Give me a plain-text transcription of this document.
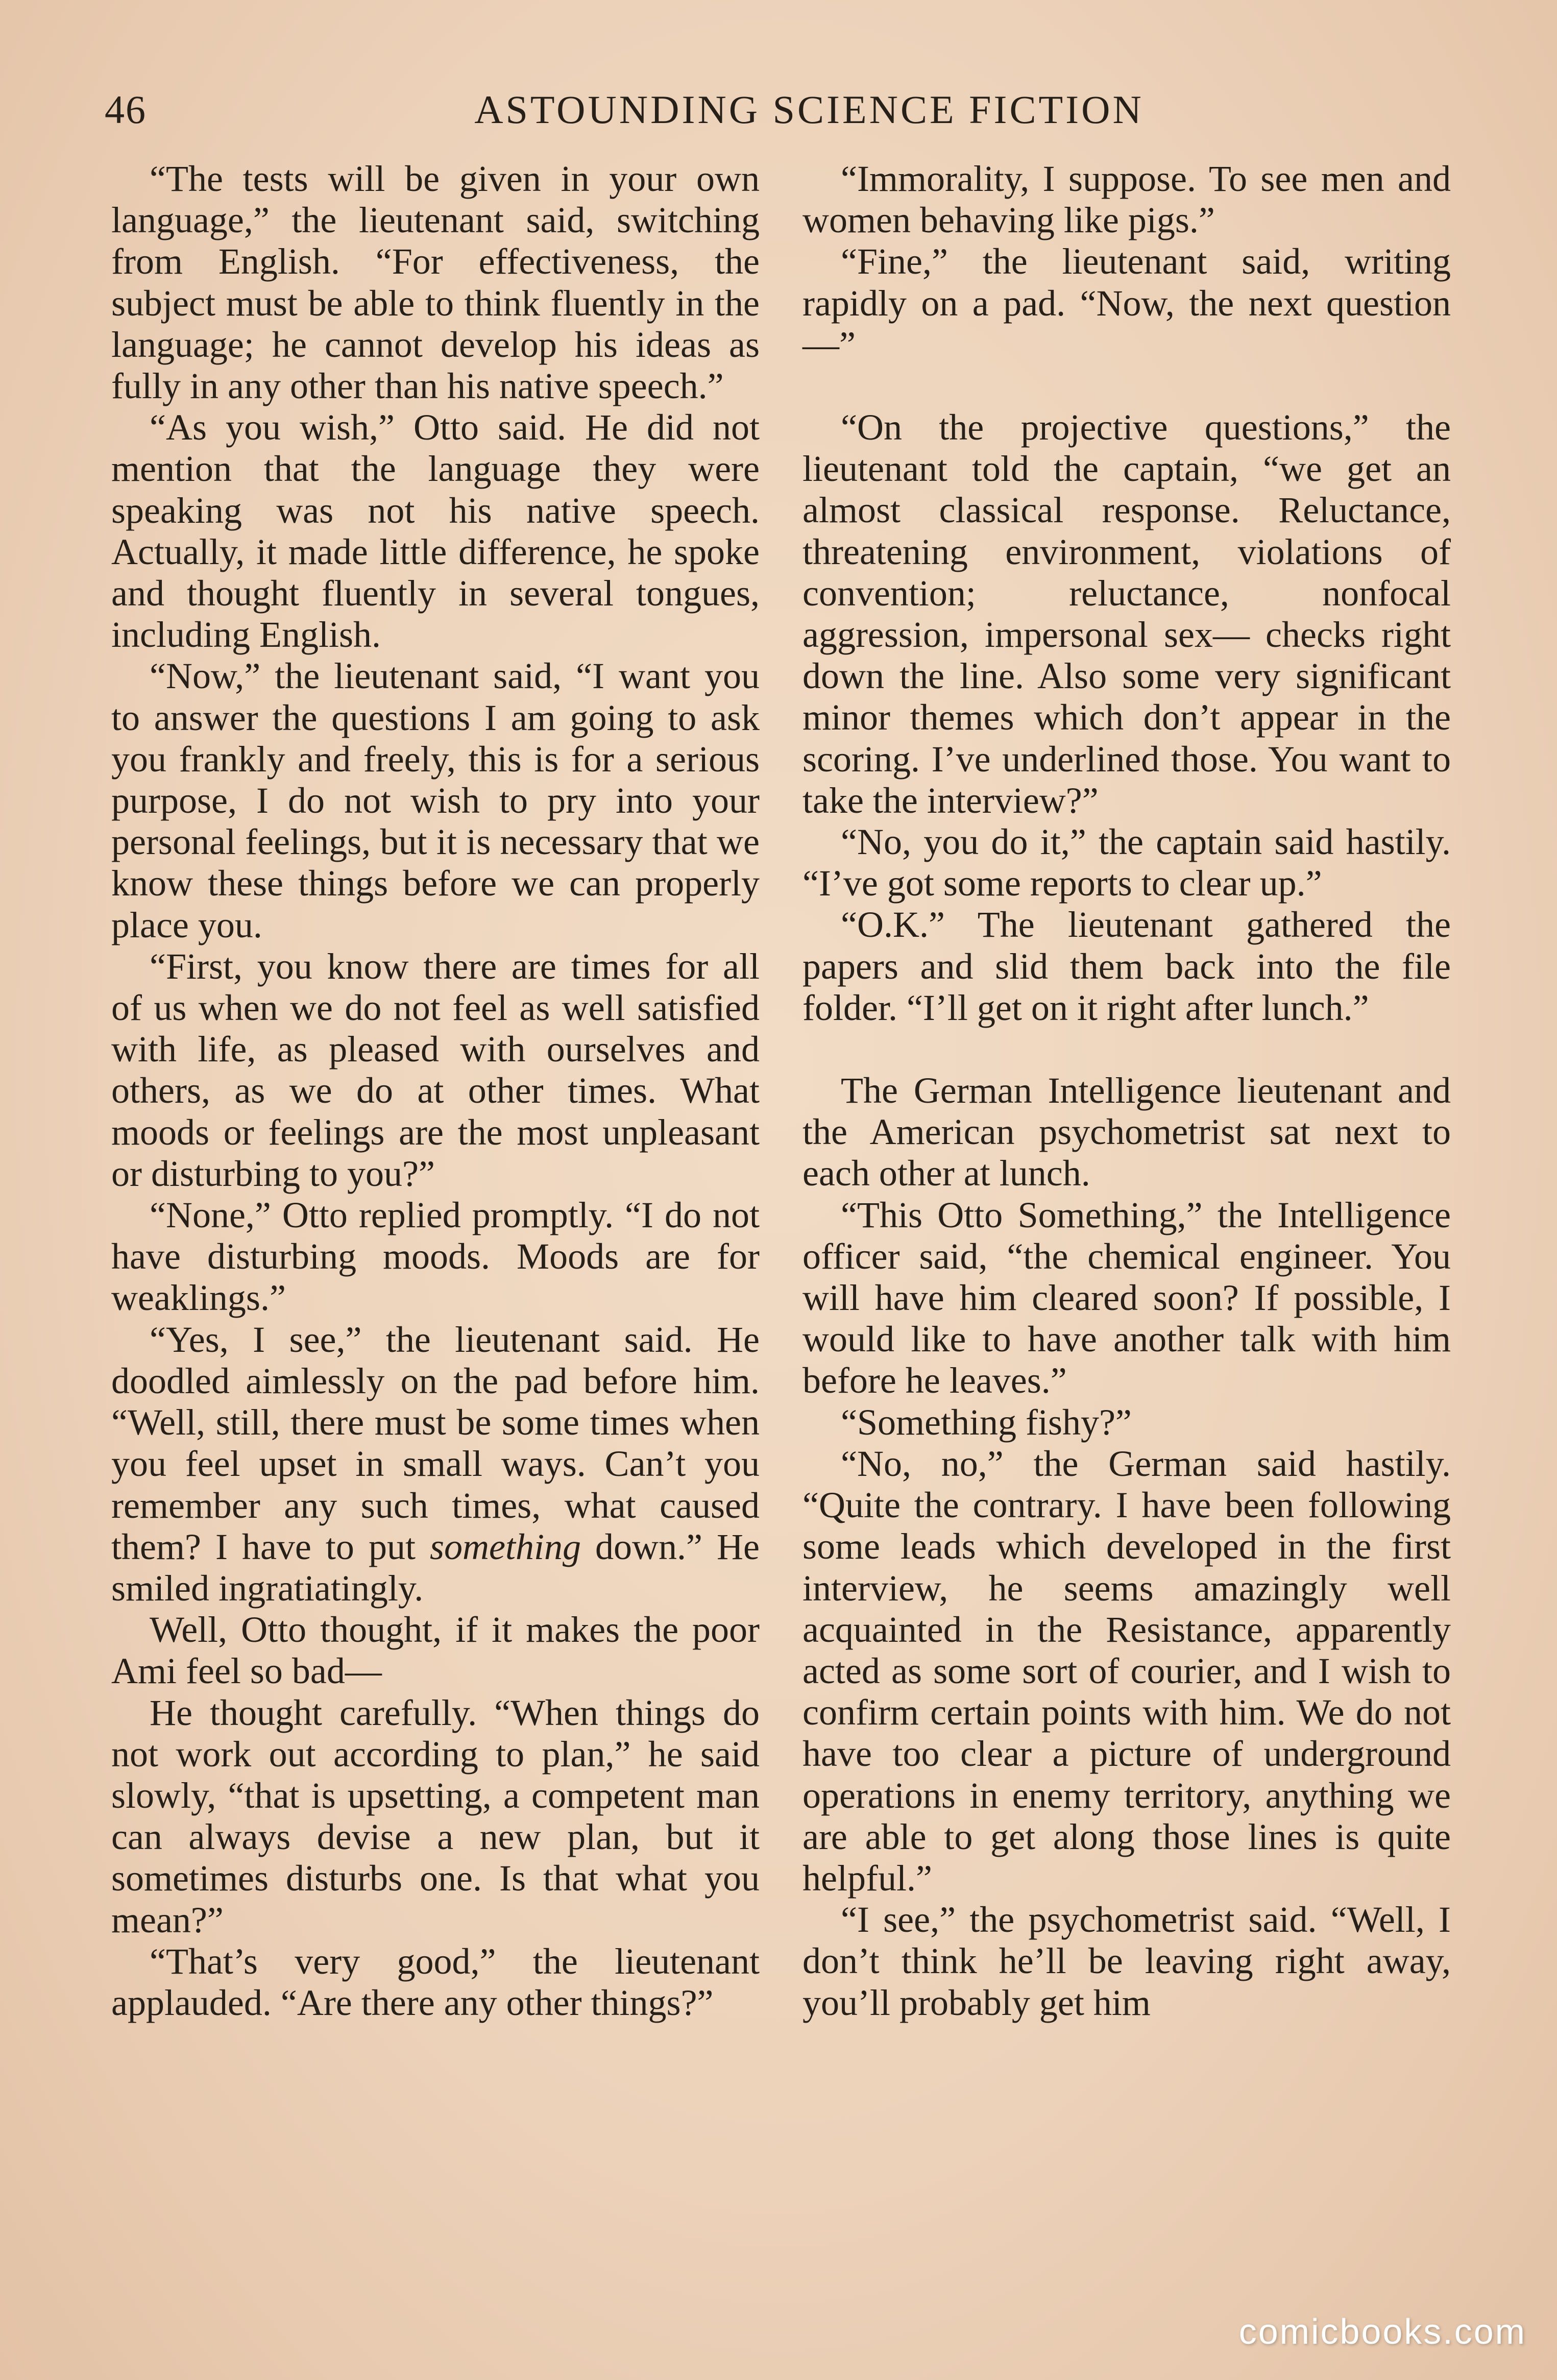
46	ASTOUNDING SCIENCE FICTION

“The tests will be given in your own language,” the lieutenant said, switching from English. “For effectiveness, the subject must be able to think fluently in the language; he cannot develop his ideas as fully in any other than his native speech.”

“As you wish,” Otto said. He did not mention that the language they were speaking was not his native speech. Actually, it made little difference, he spoke and thought fluently in several tongues, including English.

“Now,” the lieutenant said, “I want you to answer the questions I am going to ask you frankly and freely, this is for a serious purpose, I do not wish to pry into your personal feelings, but it is necessary that we know these things before we can properly place you.

“First, you know there are times for all of us when we do not feel as well satisfied with life, as pleased with ourselves and others, as we do at other times. What moods or feelings are the most unpleasant or disturbing to you?”

“None,” Otto replied promptly. “I do not have disturbing moods. Moods are for weaklings.”

“Yes, I see,” the lieutenant said. He doodled aimlessly on the pad before him. “Well, still, there must be some times when you feel upset in small ways. Can’t you remember any such times, what caused them? I have to put something down.” He smiled ingratiatingly.

Well, Otto thought, if it makes the poor Ami feel so bad—

He thought carefully. “When things do not work out according to plan,” he said slowly, “that is upsetting, a competent man can always devise a new plan, but it sometimes disturbs one. Is that what you mean?”

“That’s very good,” the lieutenant applauded. “Are there any other things?”

“Immorality, I suppose. To see men and women behaving like pigs.”

“Fine,” the lieutenant said, writing rapidly on a pad. “Now, the next question—”

“On the projective questions,” the lieutenant told the captain, “we get an almost classical response. Reluctance, threatening environment, violations of convention; reluctance, nonfocal aggression, impersonal sex— checks right down the line. Also some very significant minor themes which don’t appear in the scoring. I’ve underlined those. You want to take the interview?”

“No, you do it,” the captain said hastily. “I’ve got some reports to clear up.”

“O.K.” The lieutenant gathered the papers and slid them back into the file folder. “I’ll get on it right after lunch.”

The German Intelligence lieutenant and the American psychometrist sat next to each other at lunch.

“This Otto Something,” the Intelligence officer said, “the chemical engineer. You will have him cleared soon? If possible, I would like to have another talk with him before he leaves.”

“Something fishy?”

“No, no,” the German said hastily. “Quite the contrary. I have been following some leads which developed in the first interview, he seems amazingly well acquainted in the Resistance, apparently acted as some sort of courier, and I wish to confirm certain points with him. We do not have too clear a picture of underground operations in enemy territory, anything we are able to get along those lines is quite helpful.”

“I see,” the psychometrist said. “Well, I don’t think he’ll be leaving right away, you’ll probably get him

comicbooks.com
